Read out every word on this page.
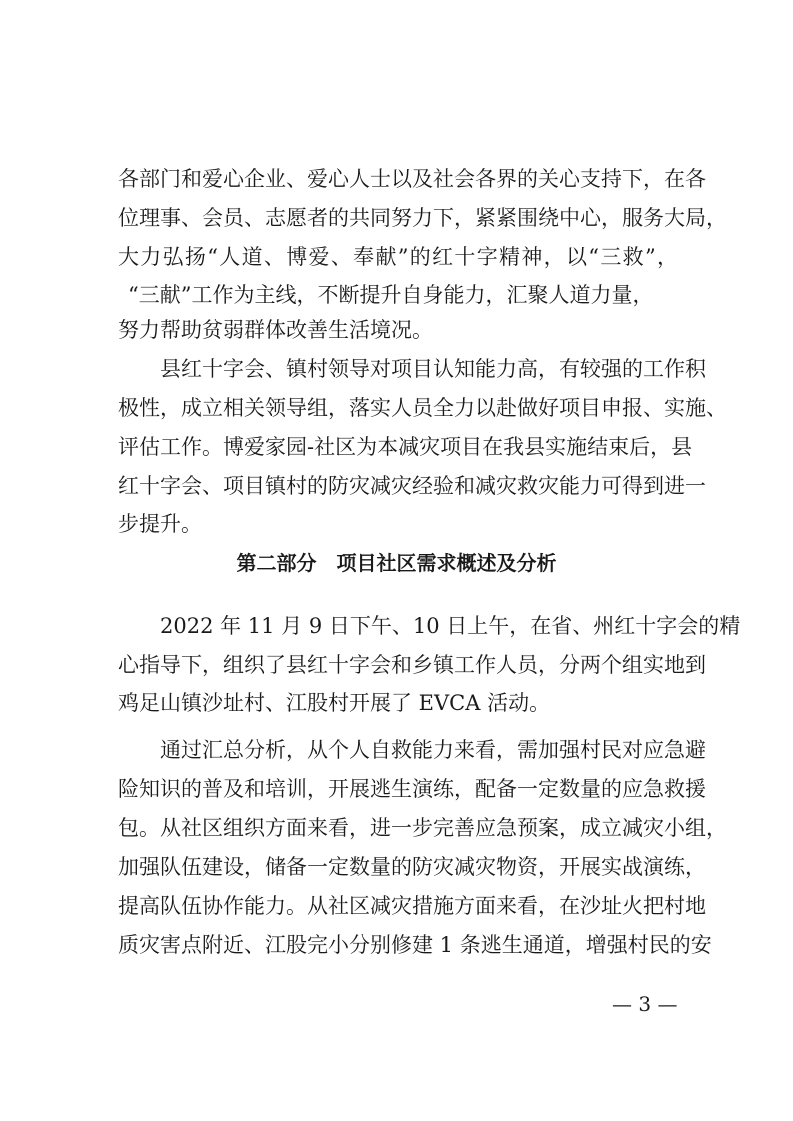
各部门和爱心企业、爱心人士以及社会各界的关心支持下，在各
位理事、会员、志愿者的共同努力下，紧紧围绕中心，服务大局，
大力弘扬“人道、博爱、奉献”的红十字精神，以“三救”，
“三献”工作为主线，不断提升自身能力，汇聚人道力量，
努力帮助贫弱群体改善生活境况。
县红十字会、镇村领导对项目认知能力高，有较强的工作积
极性，成立相关领导组，落实人员全力以赴做好项目申报、实施、
评估工作。博爱家园-社区为本减灾项目在我县实施结束后，县
红十字会、项目镇村的防灾减灾经验和减灾救灾能力可得到进一
步提升。
第二部分　项目社区需求概述及分析
2022 年 11 月 9 日下午、10 日上午，在省、州红十字会的精
心指导下，组织了县红十字会和乡镇工作人员，分两个组实地到
鸡足山镇沙址村、江股村开展了 EVCA 活动。
通过汇总分析，从个人自救能力来看，需加强村民对应急避
险知识的普及和培训，开展逃生演练，配备一定数量的应急救援
包。从社区组织方面来看，进一步完善应急预案，成立减灾小组，
加强队伍建设，储备一定数量的防灾减灾物资，开展实战演练，
提高队伍协作能力。从社区减灾措施方面来看，在沙址火把村地
质灾害点附近、江股完小分别修建 1 条逃生通道，增强村民的安
— 3 —
